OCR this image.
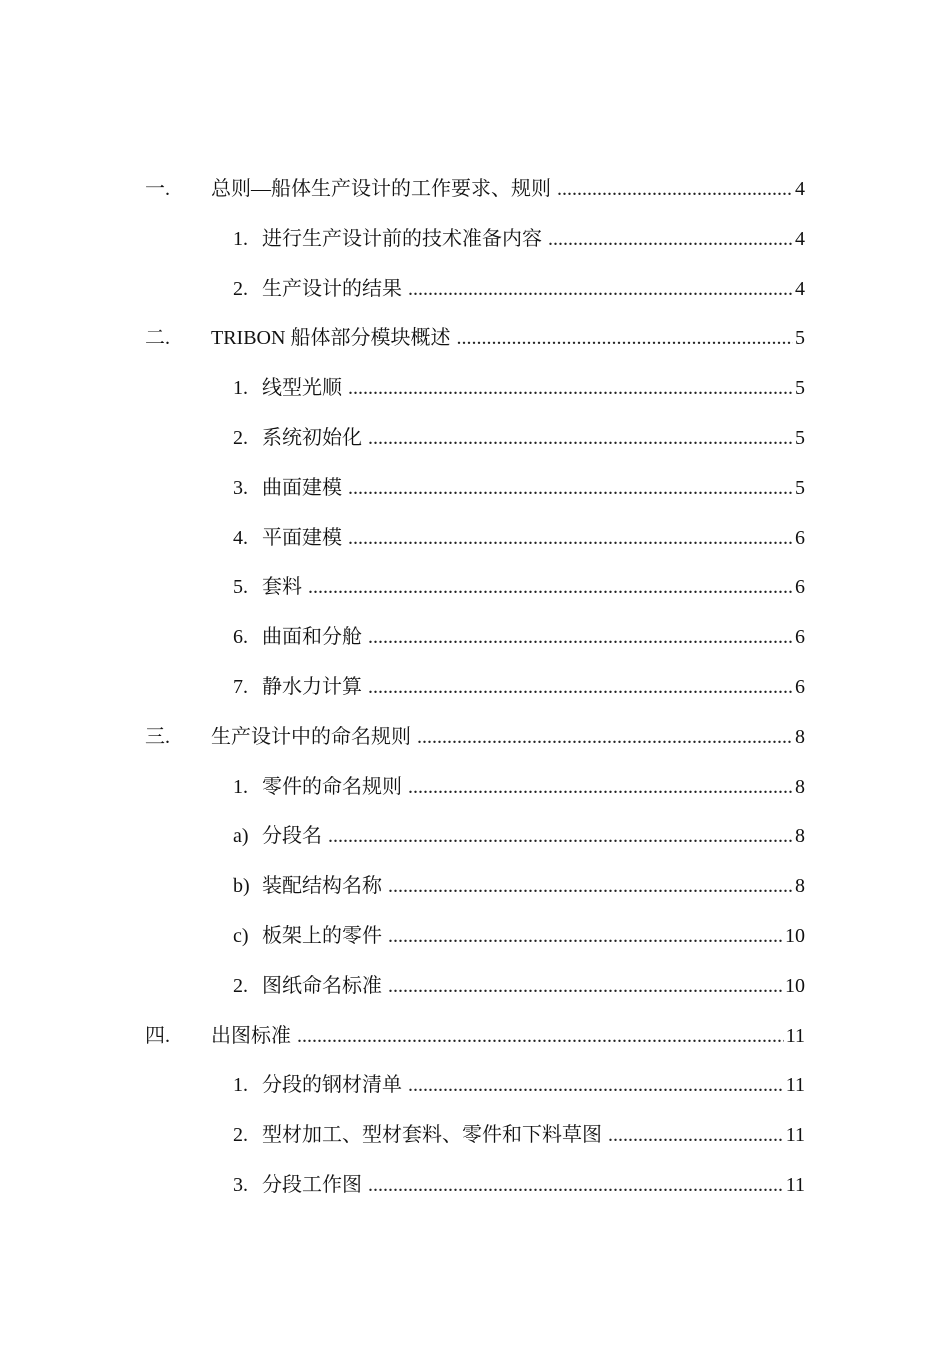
一. 总则—船体生产设计的工作要求、规则 .....	4
1. 进行生产设计前的技术准备内容 .....	4
2. 生产设计的结果 .....	4
二. TRIBON 船体部分模块概述 .....	5
1. 线型光顺 .....	5
2. 系统初始化 .....	5
3. 曲面建模 .....	5
4. 平面建模 .....	6
5. 套料 .....	6
6. 曲面和分舱 .....	6
7. 静水力计算 .....	6
三. 生产设计中的命名规则 .....	8
1. 零件的命名规则 .....	8
a) 分段名 .....	8
b) 装配结构名称 .....	8
c) 板架上的零件 .....	10
2. 图纸命名标准 .....	10
四. 出图标准 .....	11
1. 分段的钢材清单 .....	11
2. 型材加工、型材套料、零件和下料草图 .....	11
3. 分段工作图 .....	11
